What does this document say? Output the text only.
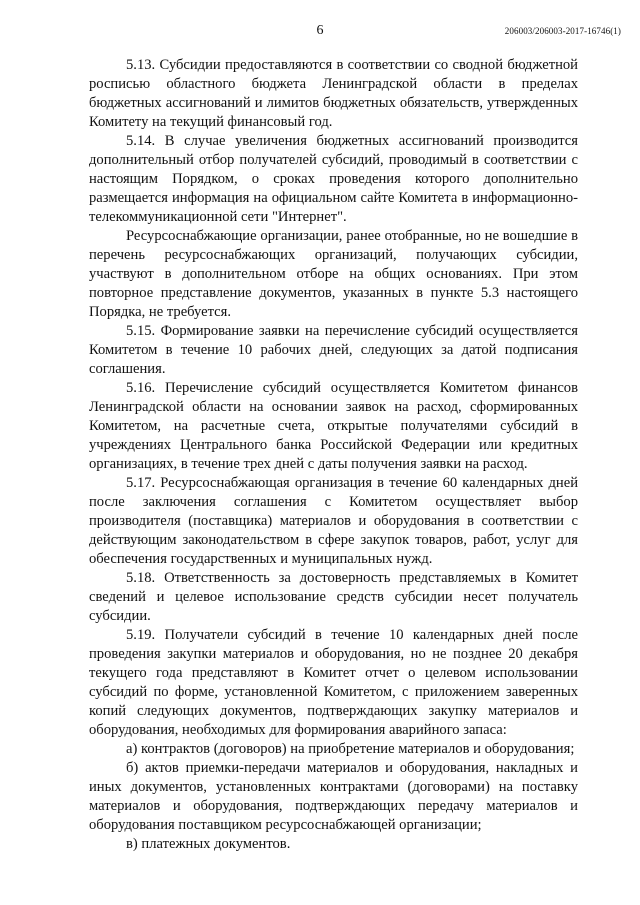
6	206003/206003-2017-16746(1)

5.13. Субсидии предоставляются в соответствии со сводной бюджетной росписью областного бюджета Ленинградской области в пределах бюджетных ассигнований и лимитов бюджетных обязательств, утвержденных Комитету на текущий финансовый год.

5.14. В случае увеличения бюджетных ассигнований производится дополнительный отбор получателей субсидий, проводимый в соответствии с настоящим Порядком, о сроках проведения которого дополнительно размещается информация на официальном сайте Комитета в информационно-телекоммуникационной сети "Интернет".

Ресурсоснабжающие организации, ранее отобранные, но не вошедшие в перечень ресурсоснабжающих организаций, получающих субсидии, участвуют в дополнительном отборе на общих основаниях. При этом повторное представление документов, указанных в пункте 5.3 настоящего Порядка, не требуется.

5.15. Формирование заявки на перечисление субсидий осуществляется Комитетом в течение 10 рабочих дней, следующих за датой подписания соглашения.

5.16. Перечисление субсидий осуществляется Комитетом финансов Ленинградской области на основании заявок на расход, сформированных Комитетом, на расчетные счета, открытые получателями субсидий в учреждениях Центрального банка Российской Федерации или кредитных организациях, в течение трех дней с даты получения заявки на расход.

5.17. Ресурсоснабжающая организация в течение 60 календарных дней после заключения соглашения с Комитетом осуществляет выбор производителя (поставщика) материалов и оборудования в соответствии с действующим законодательством в сфере закупок товаров, работ, услуг для обеспечения государственных и муниципальных нужд.

5.18. Ответственность за достоверность представляемых в Комитет сведений и целевое использование средств субсидии несет получатель субсидии.

5.19. Получатели субсидий в течение 10 календарных дней после проведения закупки материалов и оборудования, но не позднее 20 декабря текущего года представляют в Комитет отчет о целевом использовании субсидий по форме, установленной Комитетом, с приложением заверенных копий следующих документов, подтверждающих закупку материалов и оборудования, необходимых для формирования аварийного запаса:

а) контрактов (договоров) на приобретение материалов и оборудования;

б) актов приемки-передачи материалов и оборудования, накладных и иных документов, установленных контрактами (договорами) на поставку материалов и оборудования, подтверждающих передачу материалов и оборудования поставщиком ресурсоснабжающей организации;

в) платежных документов.
